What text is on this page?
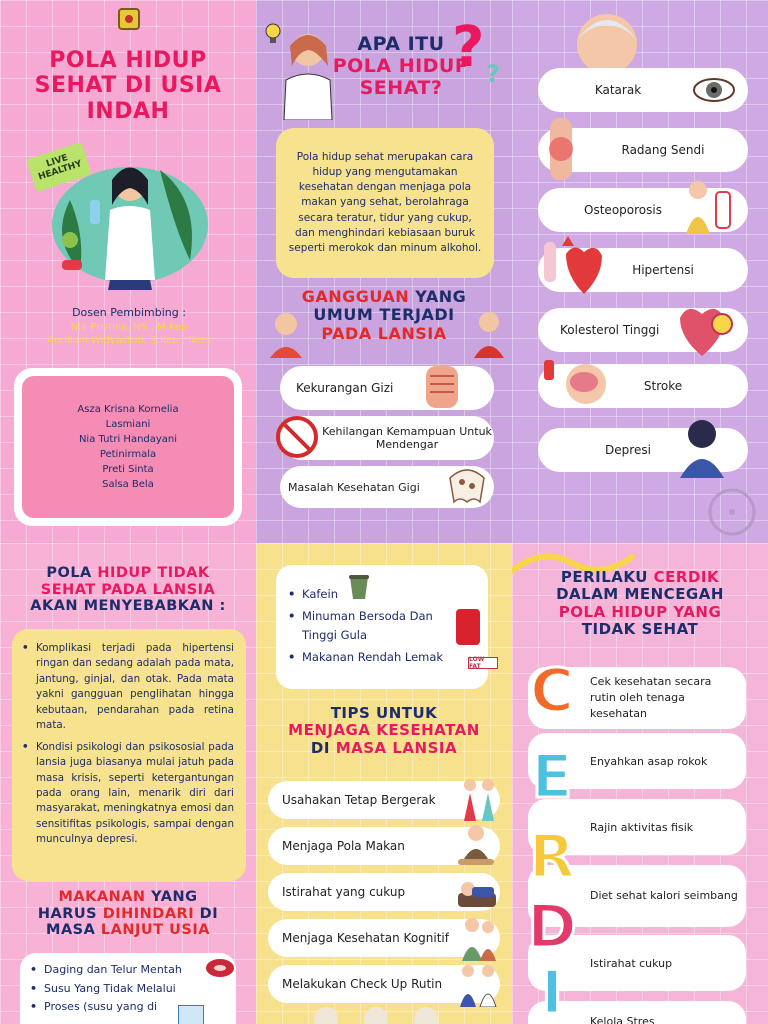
POLA HIDUP
SEHAT DI USIA
INDAH
LIVE HEALTHY
Dosen Pembimbing :
Nia Pristina, NS., M.Kep
Apriliani Widyastuti, S.Kep., Ners
Asza Krisna Kornelia
Lasmiani
Nia Tutri Handayani
Petinirmala
Preti Sinta
Salsa Bela
APA ITU
POLA HIDUP
SEHAT?
? ?
Pola hidup sehat merupakan cara hidup yang mengutamakan kesehatan dengan menjaga pola makan yang sehat, berolahraga secara teratur, tidur yang cukup, dan menghindari kebiasaan buruk seperti merokok dan minum alkohol.
GANGGUAN YANG
UMUM TERJADI
PADA LANSIA
Kekurangan Gizi
Kehilangan Kemampuan Untuk Mendengar
Masalah Kesehatan Gigi
Katarak
Radang Sendi
Osteoporosis
Hipertensi
Kolesterol Tinggi
Stroke
Depresi
POLA HIDUP TIDAK
SEHAT PADA LANSIA
AKAN MENYEBABKAN :
• Komplikasi terjadi pada hipertensi ringan dan sedang adalah pada mata, jantung, ginjal, dan otak. Pada mata yakni gangguan penglihatan hingga kebutaan, pendarahan pada retina mata.
• Kondisi psikologi dan psikososial pada lansia juga biasanya mulai jatuh pada masa krisis, seperti ketergantungan pada orang lain, menarik diri dari masyarakat, meningkatnya emosi dan sensitifitas psikologis, sampai dengan munculnya depresi.
MAKANAN YANG
HARUS DIHINDARI DI
MASA LANJUT USIA
• Daging dan Telur Mentah
• Susu Yang Tidak Melalui
• Proses (susu yang di
• Kafein
• Minuman Bersoda Dan Tinggi Gula
• Makanan Rendah Lemak	LOW FAT
TIPS UNTUK
MENJAGA KESEHATAN
DI MASA LANSIA
Usahakan Tetap Bergerak
Menjaga Pola Makan
Istirahat yang cukup
Menjaga Kesehatan Kognitif
Melakukan Check Up Rutin
PERILAKU CERDIK
DALAM MENCEGAH
POLA HIDUP YANG
TIDAK SEHAT
C
E
R
D
I
Cek kesehatan secara rutin oleh tenaga kesehatan
Enyahkan asap rokok
Rajin aktivitas fisik
Diet sehat kalori seimbang
Istirahat cukup
Kelola Stres
